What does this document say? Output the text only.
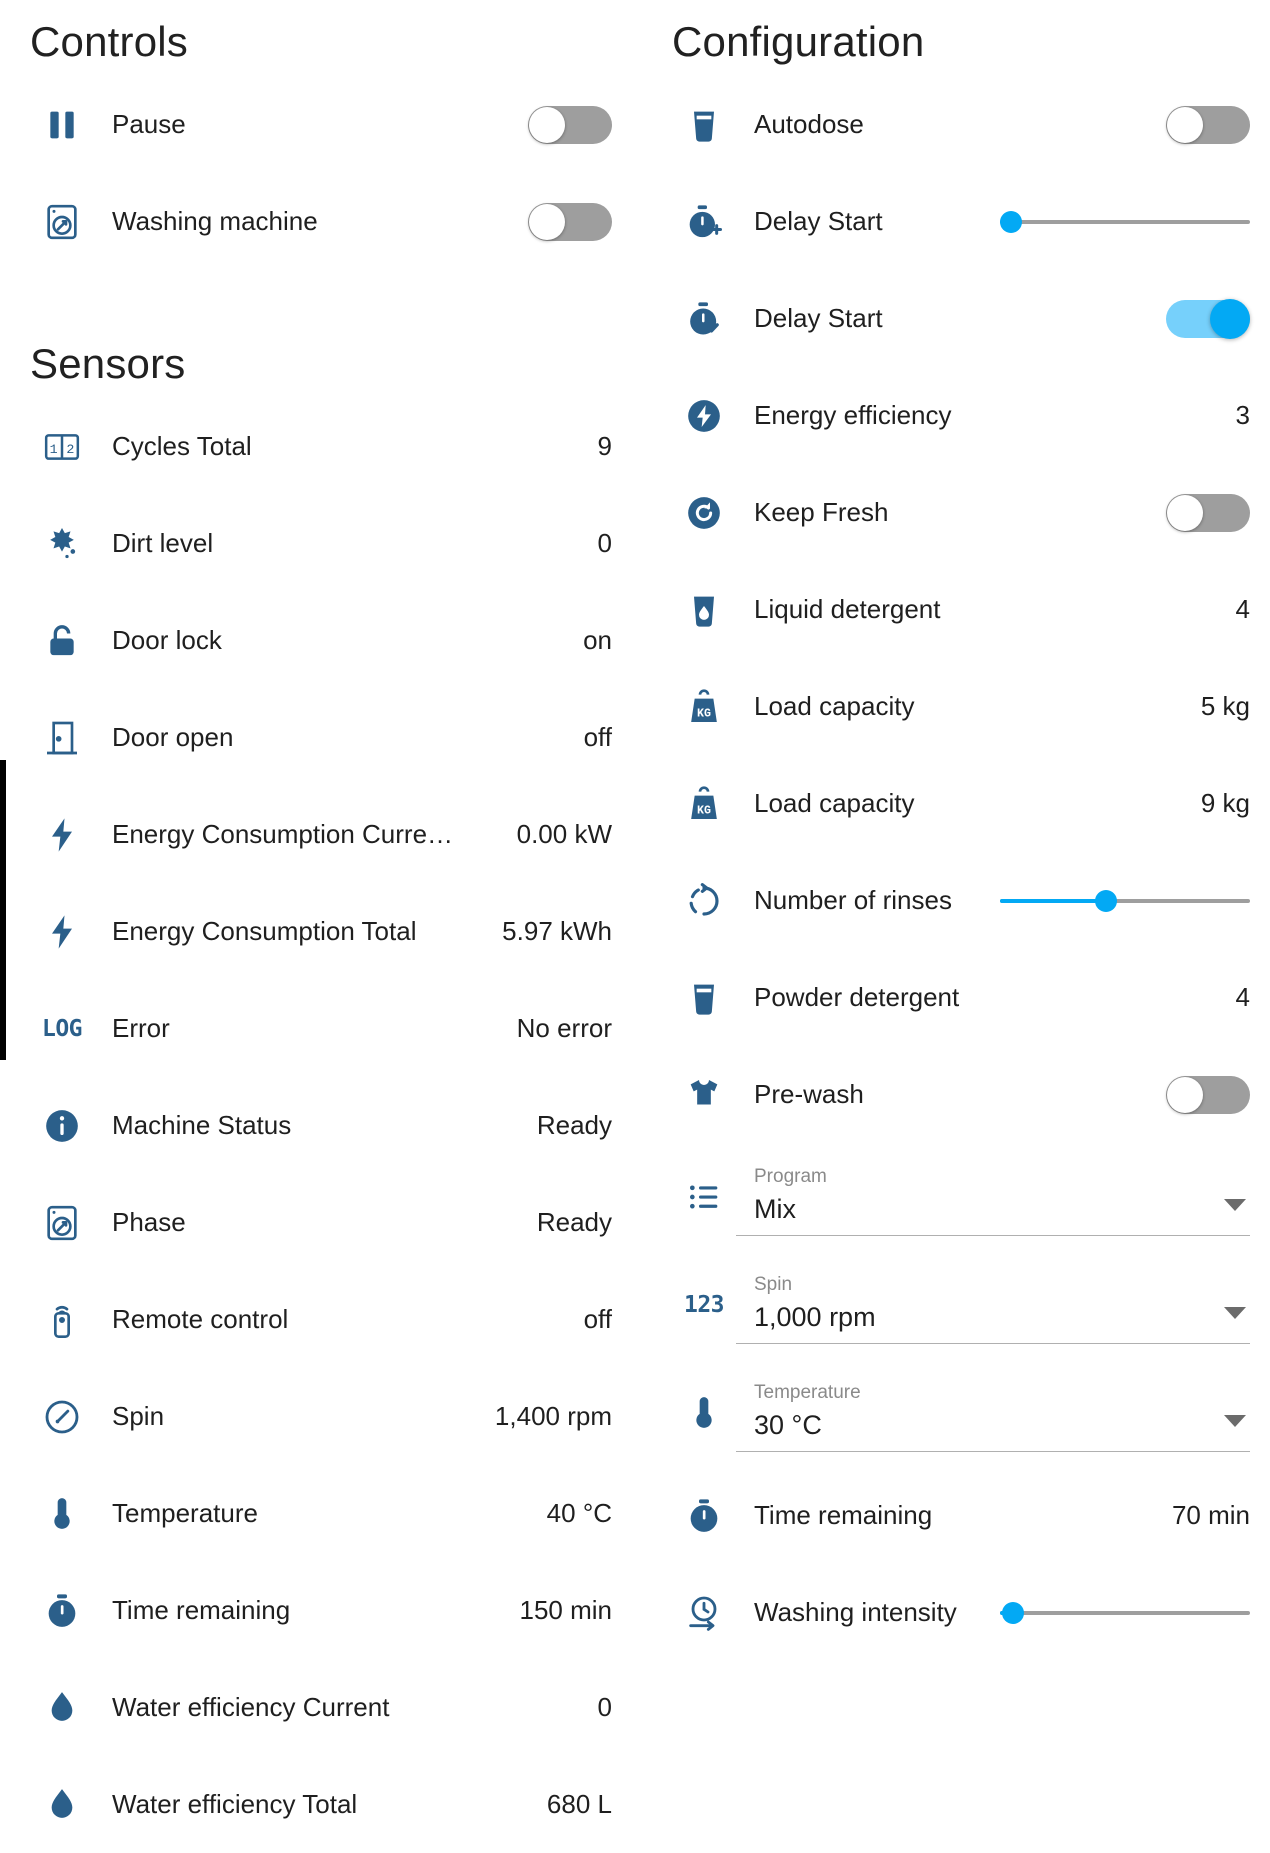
Controls
Pause
Washing machine
Sensors
1 2	Cycles Total	9
Dirt level	0
Door lock	on
Door open	off
Energy Consumption Curre…	0.00 kW
Energy Consumption Total	5.97 kWh
LOG	Error	No error
Machine Status	Ready
Phase	Ready
Remote control	off
Spin	1,400 rpm
Temperature	40 °C
Time remaining	150 min
Water efficiency Current	0
Water efficiency Total	680 L
Configuration
Autodose
Delay Start
Delay Start
Energy efficiency	3
Keep Fresh
Liquid detergent	4
KG	Load capacity	5 kg
KG	Load capacity	9 kg
Number of rinses
Powder detergent	4
Pre-wash
Program
Mix
123
Spin
1,000 rpm
Temperature
30 °C
Time remaining	70 min
Washing intensity
